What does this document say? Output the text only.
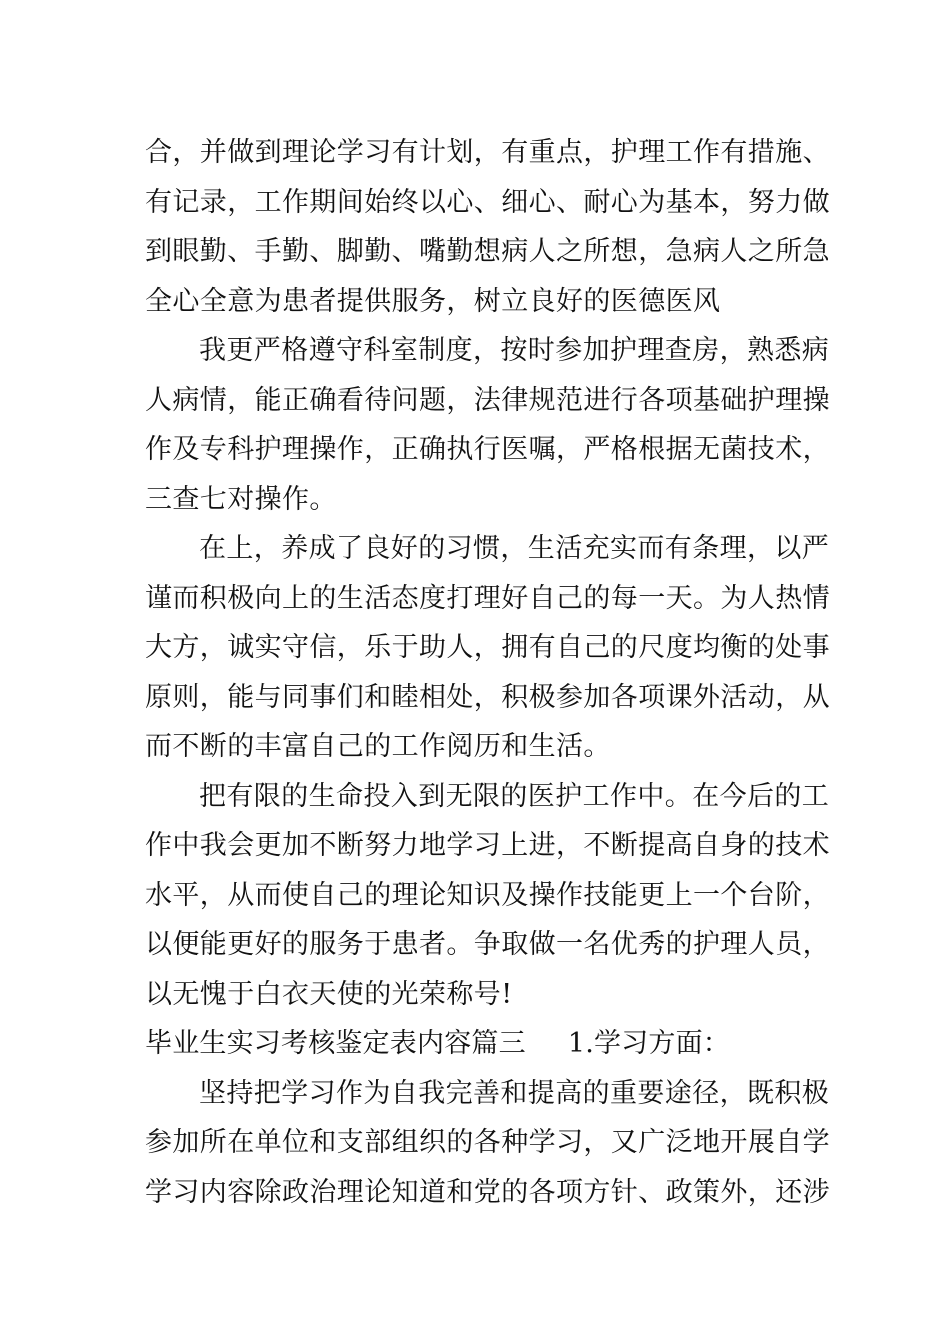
合，并做到理论学习有计划，有重点，护理工作有措施、
有记录，工作期间始终以心、细心、耐心为基本，努力做
到眼勤、手勤、脚勤、嘴勤想病人之所想，急病人之所急
全心全意为患者提供服务，树立良好的医德医风
我更严格遵守科室制度，按时参加护理查房，熟悉病
人病情，能正确看待问题，法律规范进行各项基础护理操
作及专科护理操作，正确执行医嘱，严格根据无菌技术，
三查七对操作。
在上，养成了良好的习惯，生活充实而有条理，以严
谨而积极向上的生活态度打理好自己的每一天。为人热情
大方，诚实守信，乐于助人，拥有自己的尺度均衡的处事
原则，能与同事们和睦相处，积极参加各项课外活动，从
而不断的丰富自己的工作阅历和生活。
把有限的生命投入到无限的医护工作中。在今后的工
作中我会更加不断努力地学习上进，不断提高自身的技术
水平，从而使自己的理论知识及操作技能更上一个台阶，
以便能更好的服务于患者。争取做一名优秀的护理人员，
以无愧于白衣天使的光荣称号!
毕业生实习考核鉴定表内容篇三 1.学习方面：
坚持把学习作为自我完善和提高的重要途径，既积极
参加所在单位和支部组织的各种学习，又广泛地开展自学
学习内容除政治理论知道和党的各项方针、政策外，还涉
